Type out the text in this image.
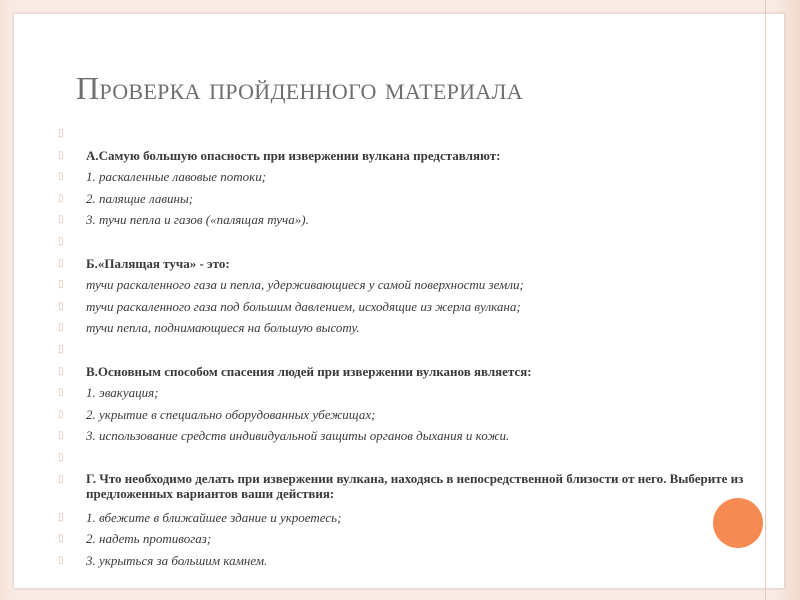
Проверка пройденного материала
▯
▯ А.Самую большую опасность при извержении вулкана представляют:
▯ 1. раскаленные лавовые потоки;
▯ 2. палящие лавины;
▯ 3. тучи пепла и газов («палящая туча»).
▯
▯ Б.«Палящая туча» - это:
▯ тучи раскаленного газа и пепла, удерживающиеся у самой поверхности земли;
▯ тучи раскаленного газа под большим давлением, исходящие из жерла вулкана;
▯ тучи пепла, поднимающиеся на большую высоту.
▯
▯ В.Основным способом спасения людей при извержении вулканов является:
▯ 1. эвакуация;
▯ 2. укрытие в специально оборудованных убежищах;
▯ 3. использование средств индивидуальной защиты органов дыхания и кожи.
▯
▯ Г. Что необходимо делать при извержении вулкана, находясь в непосредственной близости от него. Выберите из предложенных вариантов ваши действия:
▯ 1. вбежите в ближайшее здание и укроетесь;
▯ 2. надеть противогаз;
▯ 3. укрыться за большим камнем.
